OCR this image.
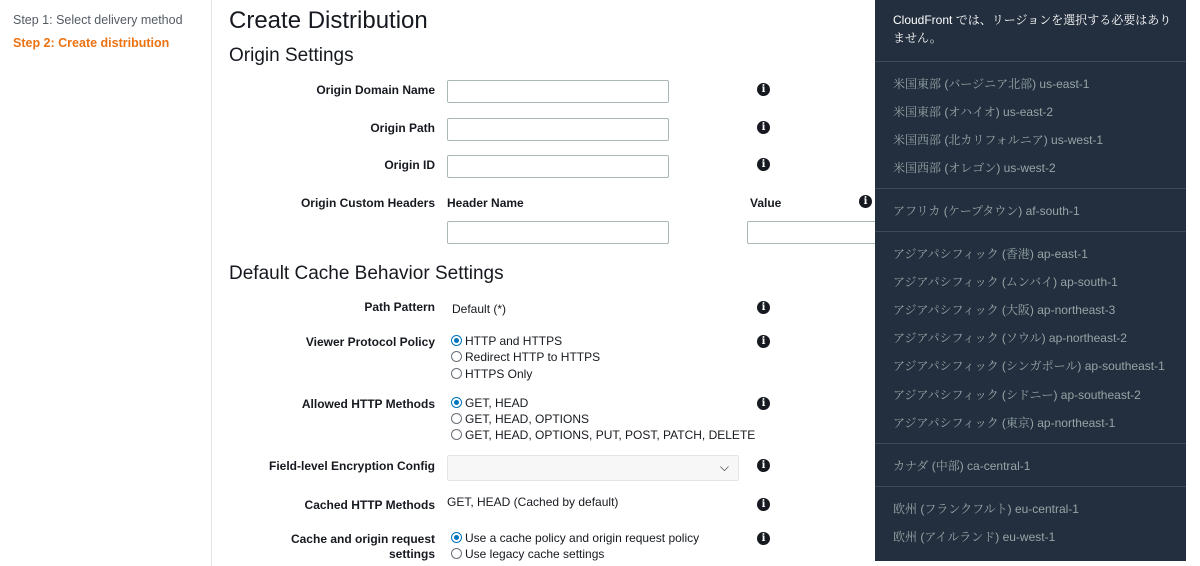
Step 1: Select delivery method
Step 2: Create distribution
Create Distribution
Origin Settings
Origin Domain Name	i
Origin Path	i
Origin ID	i
Origin Custom Headers Header Name	Value	i
Default Cache Behavior Settings
Path Pattern Default (*)	i
Viewer Protocol Policy	HTTP and HTTPS
Redirect HTTP to HTTPS
HTTPS Only
i
Allowed HTTP Methods	GET, HEAD
GET, HEAD, OPTIONS
GET, HEAD, OPTIONS, PUT, POST, PATCH, DELETE
i
Field-level Encryption Config	⌵	i
Cached HTTP Methods GET, HEAD (Cached by default)	i
Cache and origin request
settings
Use a cache policy and origin request policy
Use legacy cache settings
i
CloudFront では、リージョンを選択する必要はありません。
米国東部 (バージニア北部) us-east-1
米国東部 (オハイオ) us-east-2
米国西部 (北カリフォルニア) us-west-1
米国西部 (オレゴン) us-west-2
アフリカ (ケープタウン) af-south-1
アジアパシフィック (香港) ap-east-1
アジアパシフィック (ムンバイ) ap-south-1
アジアパシフィック (大阪) ap-northeast-3
アジアパシフィック (ソウル) ap-northeast-2
アジアパシフィック (シンガポール) ap-southeast-1
アジアパシフィック (シドニー) ap-southeast-2
アジアパシフィック (東京) ap-northeast-1
カナダ (中部) ca-central-1
欧州 (フランクフルト) eu-central-1
欧州 (アイルランド) eu-west-1
